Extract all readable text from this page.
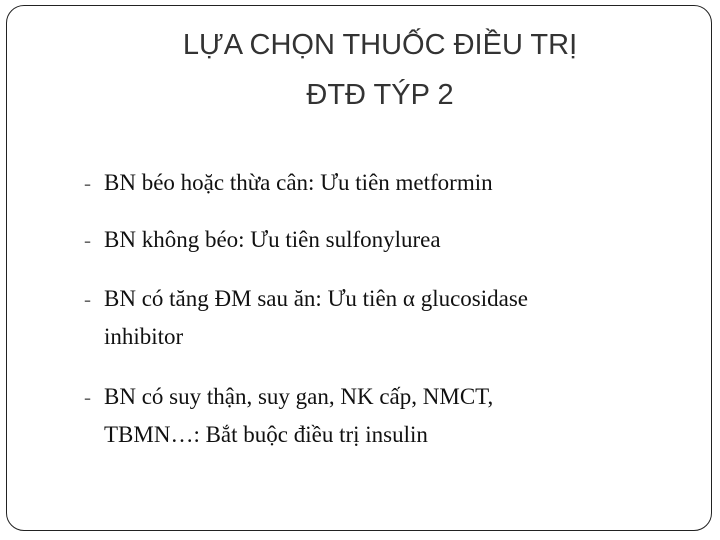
LỰA CHỌN THUỐC ĐIỀU TRỊ
ĐTĐ TÝP 2
- BN béo hoặc thừa cân: Ưu tiên metformin
- BN không béo: Ưu tiên sulfonylurea
- BN có tăng ĐM sau ăn: Ưu tiên α glucosidase
inhibitor
- BN có suy thận, suy gan, NK cấp, NMCT,
TBMN…: Bắt buộc điều trị insulin
